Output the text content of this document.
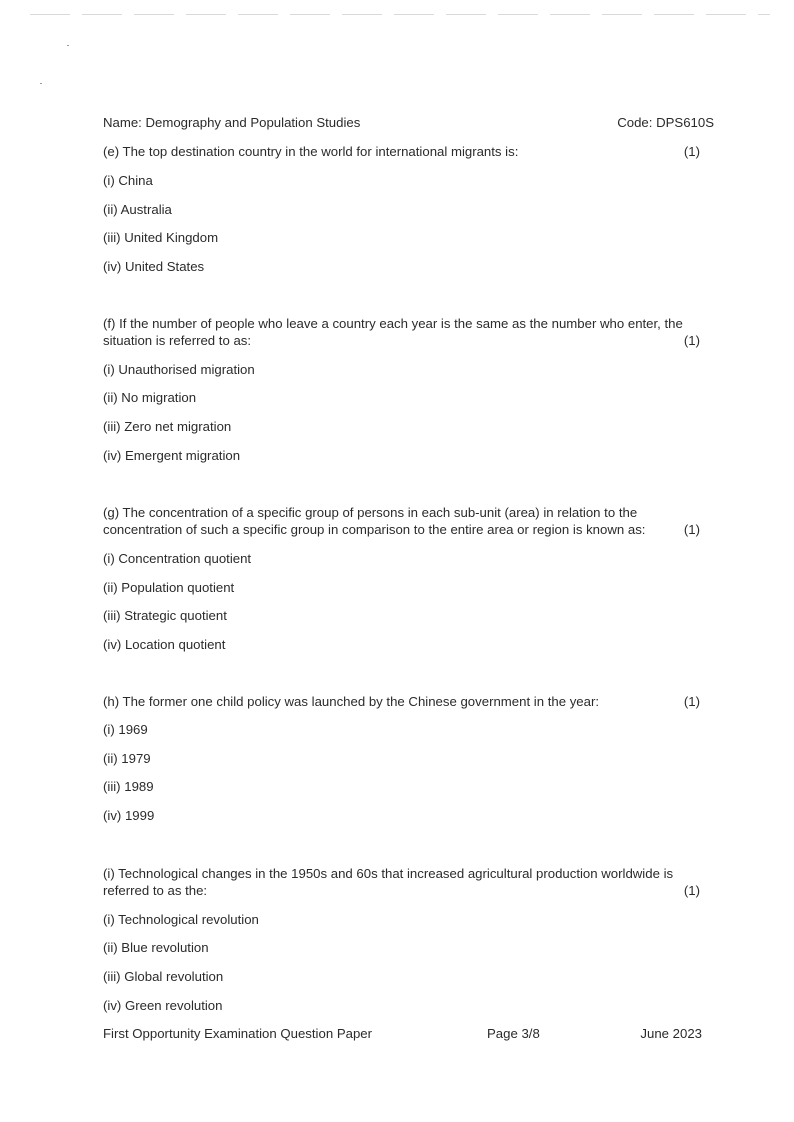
Name: Demography and Population Studies	Code: DPS610S
(e) The top destination country in the world for international migrants is:	(1)
(i) China
(ii) Australia
(iii) United Kingdom
(iv) United States
(f) If the number of people who leave a country each year is the same as the number who enter, the
situation is referred to as:	(1)
(i) Unauthorised migration
(ii) No migration
(iii) Zero net migration
(iv) Emergent migration
(g) The concentration of a specific group of persons in each sub-unit (area) in relation to the
concentration of such a specific group in comparison to the entire area or region is known as:	(1)
(i) Concentration quotient
(ii) Population quotient
(iii) Strategic quotient
(iv) Location quotient
(h) The former one child policy was launched by the Chinese government in the year:	(1)
(i) 1969
(ii) 1979
(iii) 1989
(iv) 1999
(i) Technological changes in the 1950s and 60s that increased agricultural production worldwide is
referred to as the:	(1)
(i) Technological revolution
(ii) Blue revolution
(iii) Global revolution
(iv) Green revolution
First Opportunity Examination Question Paper	Page 3/8	June 2023
